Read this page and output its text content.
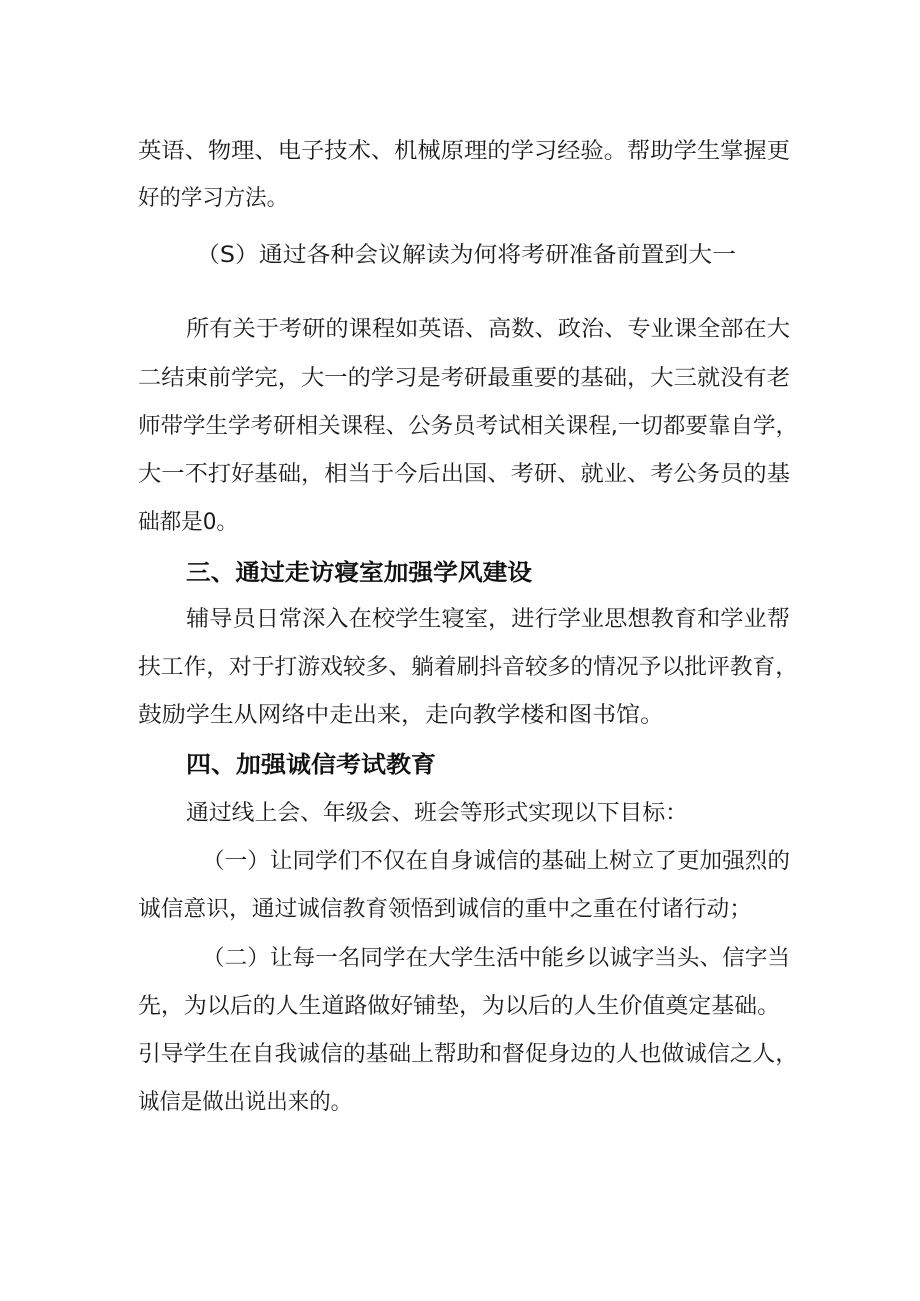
英语、物理、电子技术、机械原理的学习经验。帮助学生掌握更
好的学习方法。
（S）通过各种会议解读为何将考研准备前置到大一
所有关于考研的课程如英语、高数、政治、专业课全部在大
二结束前学完，大一的学习是考研最重要的基础，大三就没有老
师带学生学考研相关课程、公务员考试相关课程,一切都要靠自学，
大一不打好基础，相当于今后出国、考研、就业、考公务员的基
础都是0。
三、通过走访寝室加强学风建设
辅导员日常深入在校学生寝室，进行学业思想教育和学业帮
扶工作，对于打游戏较多、躺着刷抖音较多的情况予以批评教育，
鼓励学生从网络中走出来，走向教学楼和图书馆。
四、加强诚信考试教育
通过线上会、年级会、班会等形式实现以下目标：
（一）让同学们不仅在自身诚信的基础上树立了更加强烈的
诚信意识，通过诚信教育领悟到诚信的重中之重在付诸行动；
（二）让每一名同学在大学生活中能乡以诚字当头、信字当
先，为以后的人生道路做好铺垫，为以后的人生价值奠定基础。
引导学生在自我诚信的基础上帮助和督促身边的人也做诚信之人，
诚信是做出说出来的。
